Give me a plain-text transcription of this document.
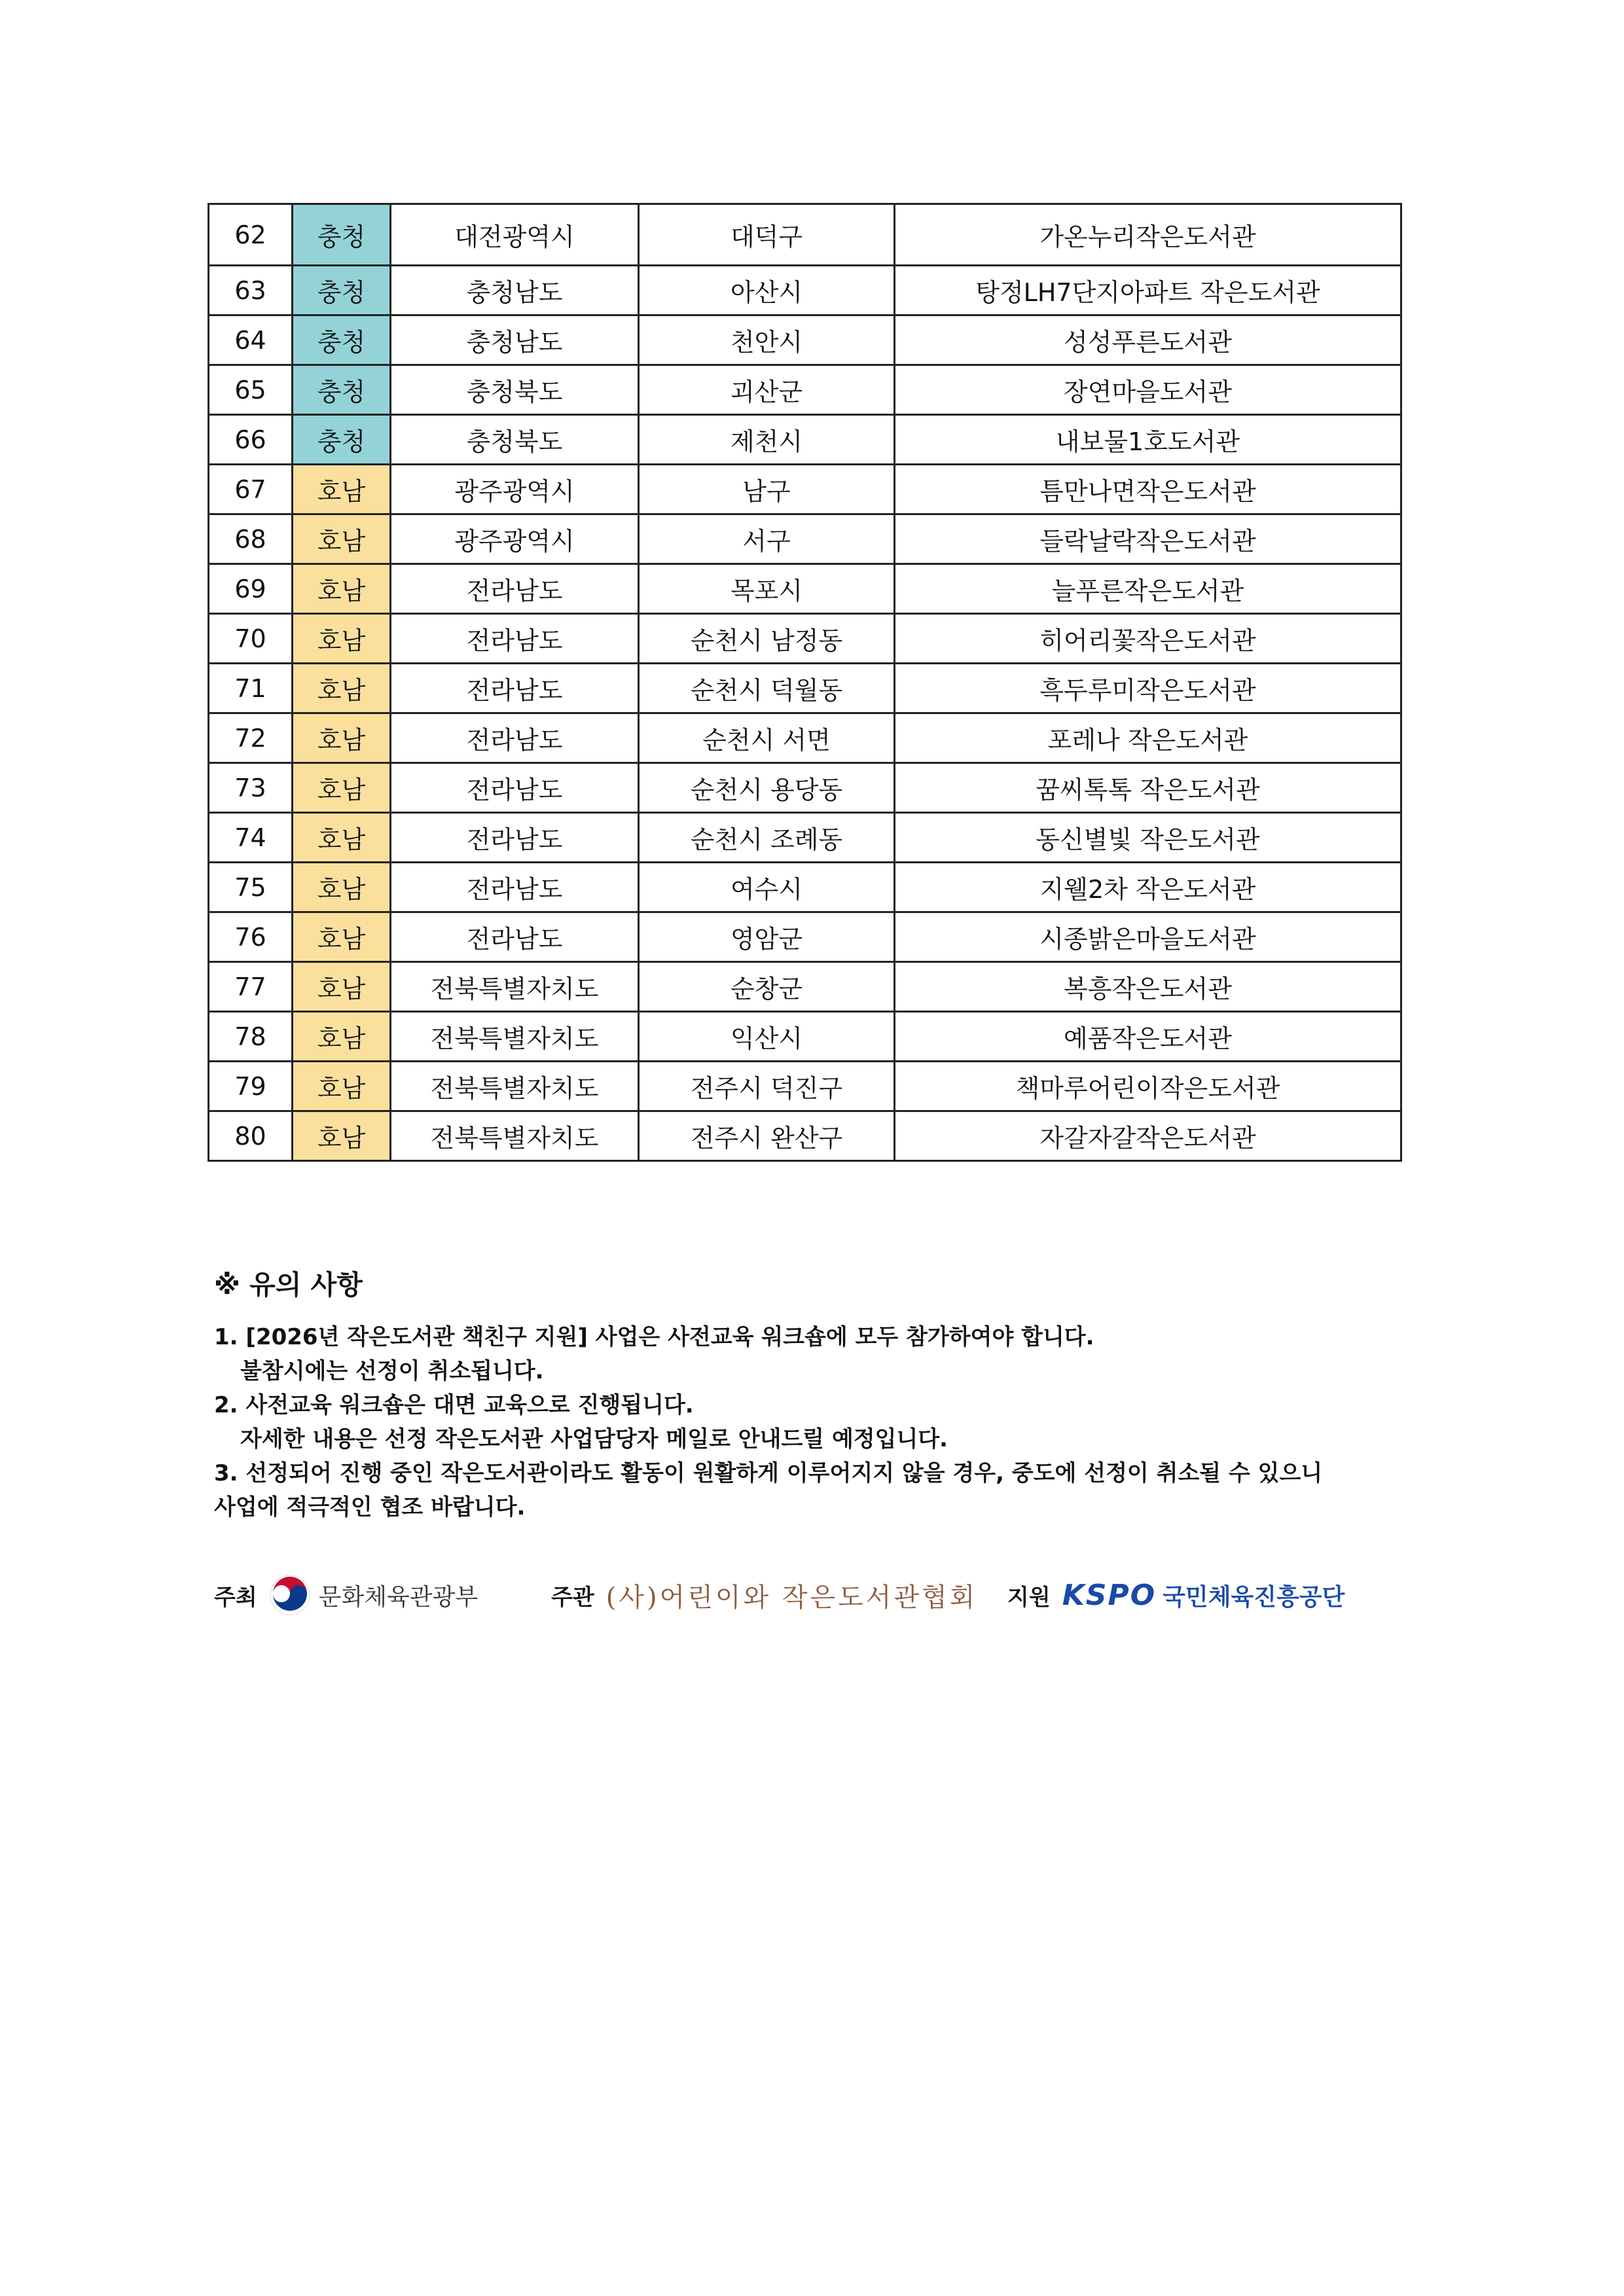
62	충청	대전광역시	대덕구	가온누리작은도서관
63	충청	충청남도	아산시	탕정LH7단지아파트 작은도서관
64	충청	충청남도	천안시	성성푸른도서관
65	충청	충청북도	괴산군	장연마을도서관
66	충청	충청북도	제천시	내보물1호도서관
67	호남	광주광역시	남구	틈만나면작은도서관
68	호남	광주광역시	서구	들락날락작은도서관
69	호남	전라남도	목포시	늘푸른작은도서관
70	호남	전라남도	순천시 남정동	히어리꽃작은도서관
71	호남	전라남도	순천시 덕월동	흑두루미작은도서관
72	호남	전라남도	순천시 서면	포레나 작은도서관
73	호남	전라남도	순천시 용당동	꿈씨톡톡 작은도서관
74	호남	전라남도	순천시 조례동	동신별빛 작은도서관
75	호남	전라남도	여수시	지웰2차 작은도서관
76	호남	전라남도	영암군	시종밝은마을도서관
77	호남	전북특별자치도	순창군	복흥작은도서관
78	호남	전북특별자치도	익산시	예품작은도서관
79	호남	전북특별자치도	전주시 덕진구	책마루어린이작은도서관
80	호남	전북특별자치도	전주시 완산구	자갈자갈작은도서관
※ 유의 사항
1. [2026년 작은도서관 책친구 지원] 사업은 사전교육 워크숍에 모두 참가하여야 합니다.
불참시에는 선정이 취소됩니다.
2. 사전교육 워크숍은 대면 교육으로 진행됩니다.
자세한 내용은 선정 작은도서관 사업담당자 메일로 안내드릴 예정입니다.
3. 선정되어 진행 중인 작은도서관이라도 활동이 원활하게 이루어지지 않을 경우, 중도에 선정이 취소될 수 있으니
사업에 적극적인 협조 바랍니다.
주최	문화체육관광부	주관 (사)어린이와 작은도서관협회 지원 KSPO 국민체육진흥공단
